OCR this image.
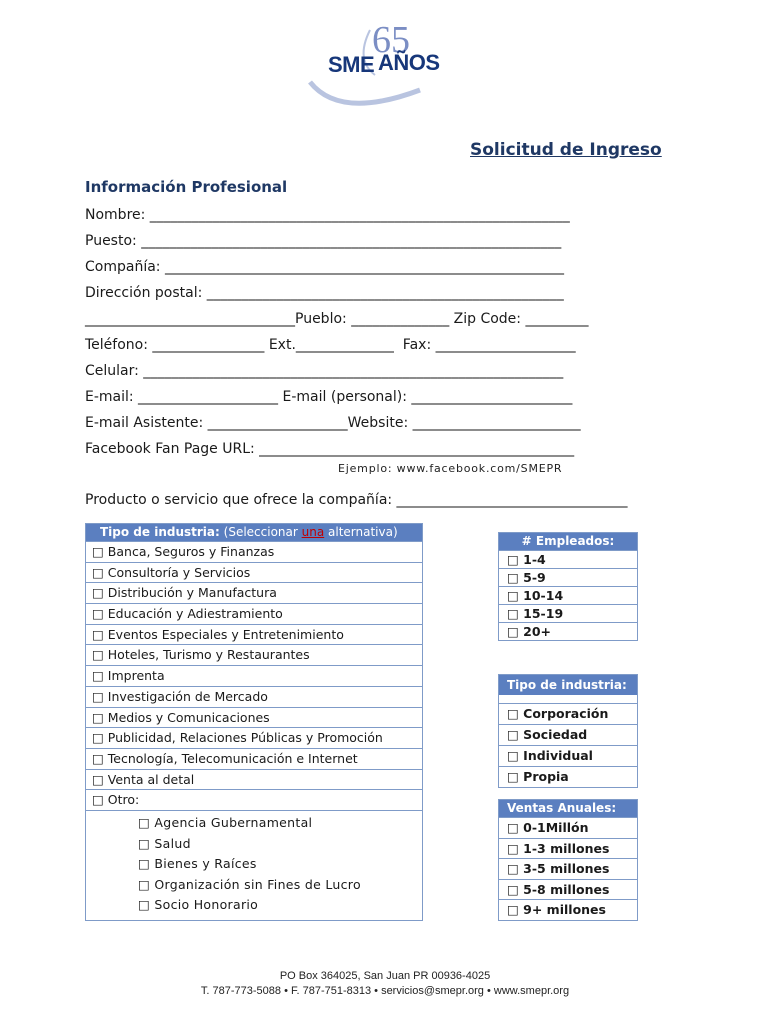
65
SME AÑOS
Solicitud de Ingreso
Información Profesional
Nombre: ____________________________________________________________
Puesto: ____________________________________________________________
Compañía: _________________________________________________________
Dirección postal: ___________________________________________________
______________________________Pueblo: ______________ Zip Code: _________
Teléfono: ________________ Ext.______________  Fax: ____________________
Celular: ____________________________________________________________
E-mail: ____________________ E-mail (personal): _______________________
E-mail Asistente: ____________________Website: ________________________
Facebook Fan Page URL: _____________________________________________
Ejemplo: www.facebook.com/SMEPR
Producto o servicio que ofrece la compañía: _________________________________
Tipo de industria: (Seleccionar una alternativa)
□ Banca, Seguros y Finanzas
□ Consultoría y Servicios
□ Distribución y Manufactura
□ Educación y Adiestramiento
□ Eventos Especiales y Entretenimiento
□ Hoteles, Turismo y Restaurantes
□ Imprenta
□ Investigación de Mercado
□ Medios y Comunicaciones
□ Publicidad, Relaciones Públicas y Promoción
□ Tecnología, Telecomunicación e Internet
□ Venta al detal
□ Otro:
□ Agencia Gubernamental
□ Salud
□ Bienes y Raíces
□ Organización sin Fines de Lucro
□ Socio Honorario
# Empleados:
□ 1-4
□ 5-9
□ 10-14
□ 15-19
□ 20+
Tipo de industria:
□ Corporación
□ Sociedad
□ Individual
□ Propia
Ventas Anuales:
□ 0-1Millón
□ 1-3 millones
□ 3-5 millones
□ 5-8 millones
□ 9+ millones
PO Box 364025, San Juan PR 00936-4025
T. 787-773-5088 • F. 787-751-8313 • servicios@smepr.org • www.smepr.org
